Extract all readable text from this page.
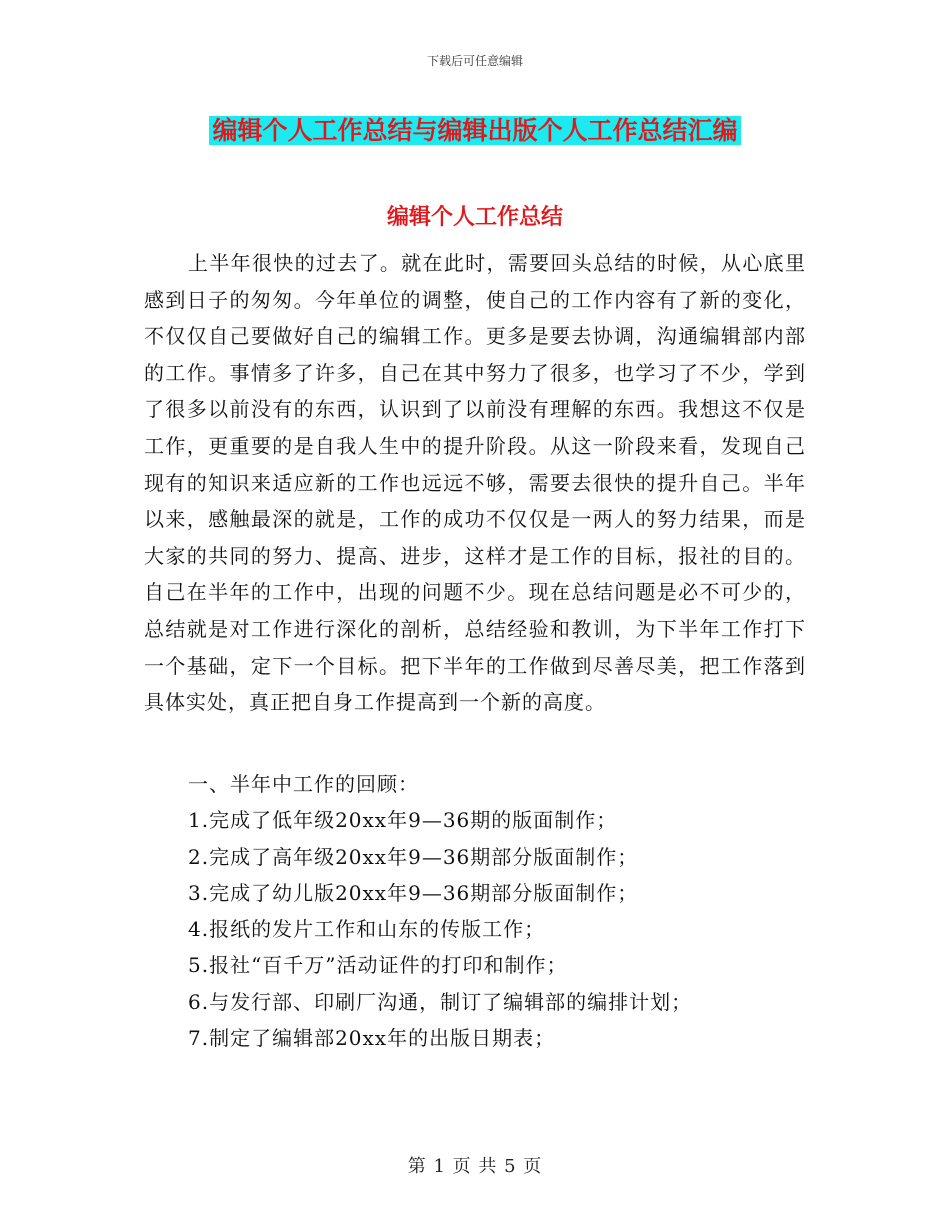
下载后可任意编辑
编辑个人工作总结与编辑出版个人工作总结汇编
编辑个人工作总结

上半年很快的过去了。就在此时，需要回头总结的时候，从心底里感到日子的匆匆。今年单位的调整，使自己的工作内容有了新的变化，不仅仅自己要做好自己的编辑工作。更多是要去协调，沟通编辑部内部的工作。事情多了许多，自己在其中努力了很多，也学习了不少，学到了很多以前没有的东西，认识到了以前没有理解的东西。我想这不仅是工作，更重要的是自我人生中的提升阶段。从这一阶段来看，发现自己现有的知识来适应新的工作也远远不够，需要去很快的提升自己。半年以来，感触最深的就是，工作的成功不仅仅是一两人的努力结果，而是大家的共同的努力、提高、进步，这样才是工作的目标，报社的目的。自己在半年的工作中，出现的问题不少。现在总结问题是必不可少的，总结就是对工作进行深化的剖析，总结经验和教训，为下半年工作打下一个基础，定下一个目标。把下半年的工作做到尽善尽美，把工作落到具体实处，真正把自身工作提高到一个新的高度。

一、半年中工作的回顾：
1.完成了低年级20xx年9—36期的版面制作；
2.完成了高年级20xx年9—36期部分版面制作；
3.完成了幼儿版20xx年9—36期部分版面制作；
4.报纸的发片工作和山东的传版工作；
5.报社“百千万”活动证件的打印和制作；
6.与发行部、印刷厂沟通，制订了编辑部的编排计划；
7.制定了编辑部20xx年的出版日期表；
第 1 页 共 5 页
